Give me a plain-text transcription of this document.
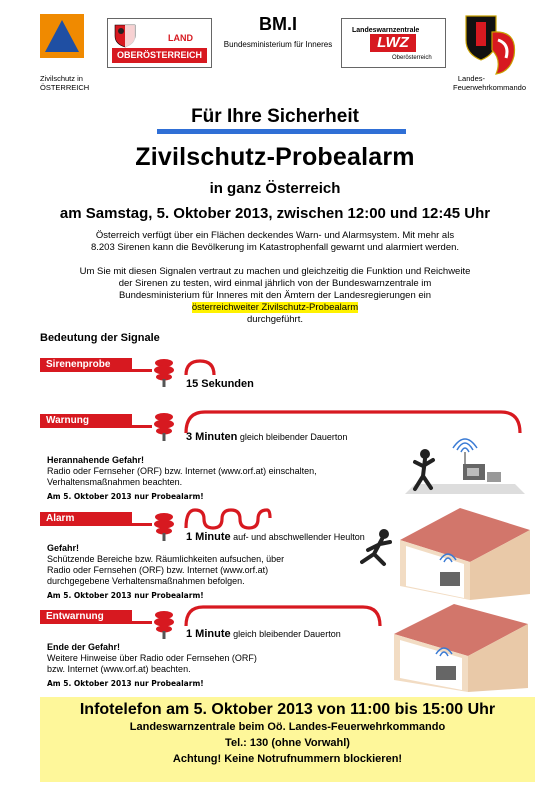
Zivilschutz in
ÖSTERREICH
LAND
OBERÖSTERREICH
BM.I
Bundesministerium für Inneres
Landeswarnzentrale
LWZ
Oberösterreich
Landes-
Feuerwehrkommando
Für Ihre Sicherheit
Zivilschutz-Probealarm
in ganz Österreich
am Samstag, 5. Oktober 2013, zwischen 12:00 und 12:45 Uhr
Österreich verfügt über ein Flächen deckendes Warn- und Alarmsystem. Mit mehr als
8.203 Sirenen kann die Bevölkerung im Katastrophenfall gewarnt und alarmiert werden.
Um Sie mit diesen Signalen vertraut zu machen und gleichzeitig die Funktion und Reichweite
der Sirenen zu testen, wird einmal jährlich von der Bundeswarnzentrale im
Bundesministerium für Inneres mit den Ämtern der Landesregierungen ein
österreichweiter Zivilschutz-Probealarm
durchgeführt.
Bedeutung der Signale
Sirenenprobe
15 Sekunden
Warnung
3 Minuten gleich bleibender Dauerton
Herannahende Gefahr!
Radio oder Fernseher (ORF) bzw. Internet (www.orf.at) einschalten,
Verhaltensmaßnahmen beachten.
Am 5. Oktober 2013 nur Probealarm!
Alarm
1 Minute auf- und abschwellender Heulton
Gefahr!
Schützende Bereiche bzw. Räumlichkeiten aufsuchen, über
Radio oder Fernsehen (ORF) bzw. Internet (www.orf.at)
durchgegebene Verhaltensmaßnahmen befolgen.
Am 5. Oktober 2013 nur Probealarm!
Entwarnung
1 Minute gleich bleibender Dauerton
Ende der Gefahr!
Weitere Hinweise über Radio oder Fernsehen (ORF)
bzw. Internet (www.orf.at) beachten.
Am 5. Oktober 2013 nur Probealarm!
Infotelefon am 5. Oktober 2013 von 11:00 bis 15:00 Uhr
Landeswarnzentrale beim Oö. Landes-Feuerwehrkommando
Tel.: 130 (ohne Vorwahl)
Achtung! Keine Notrufnummern blockieren!
